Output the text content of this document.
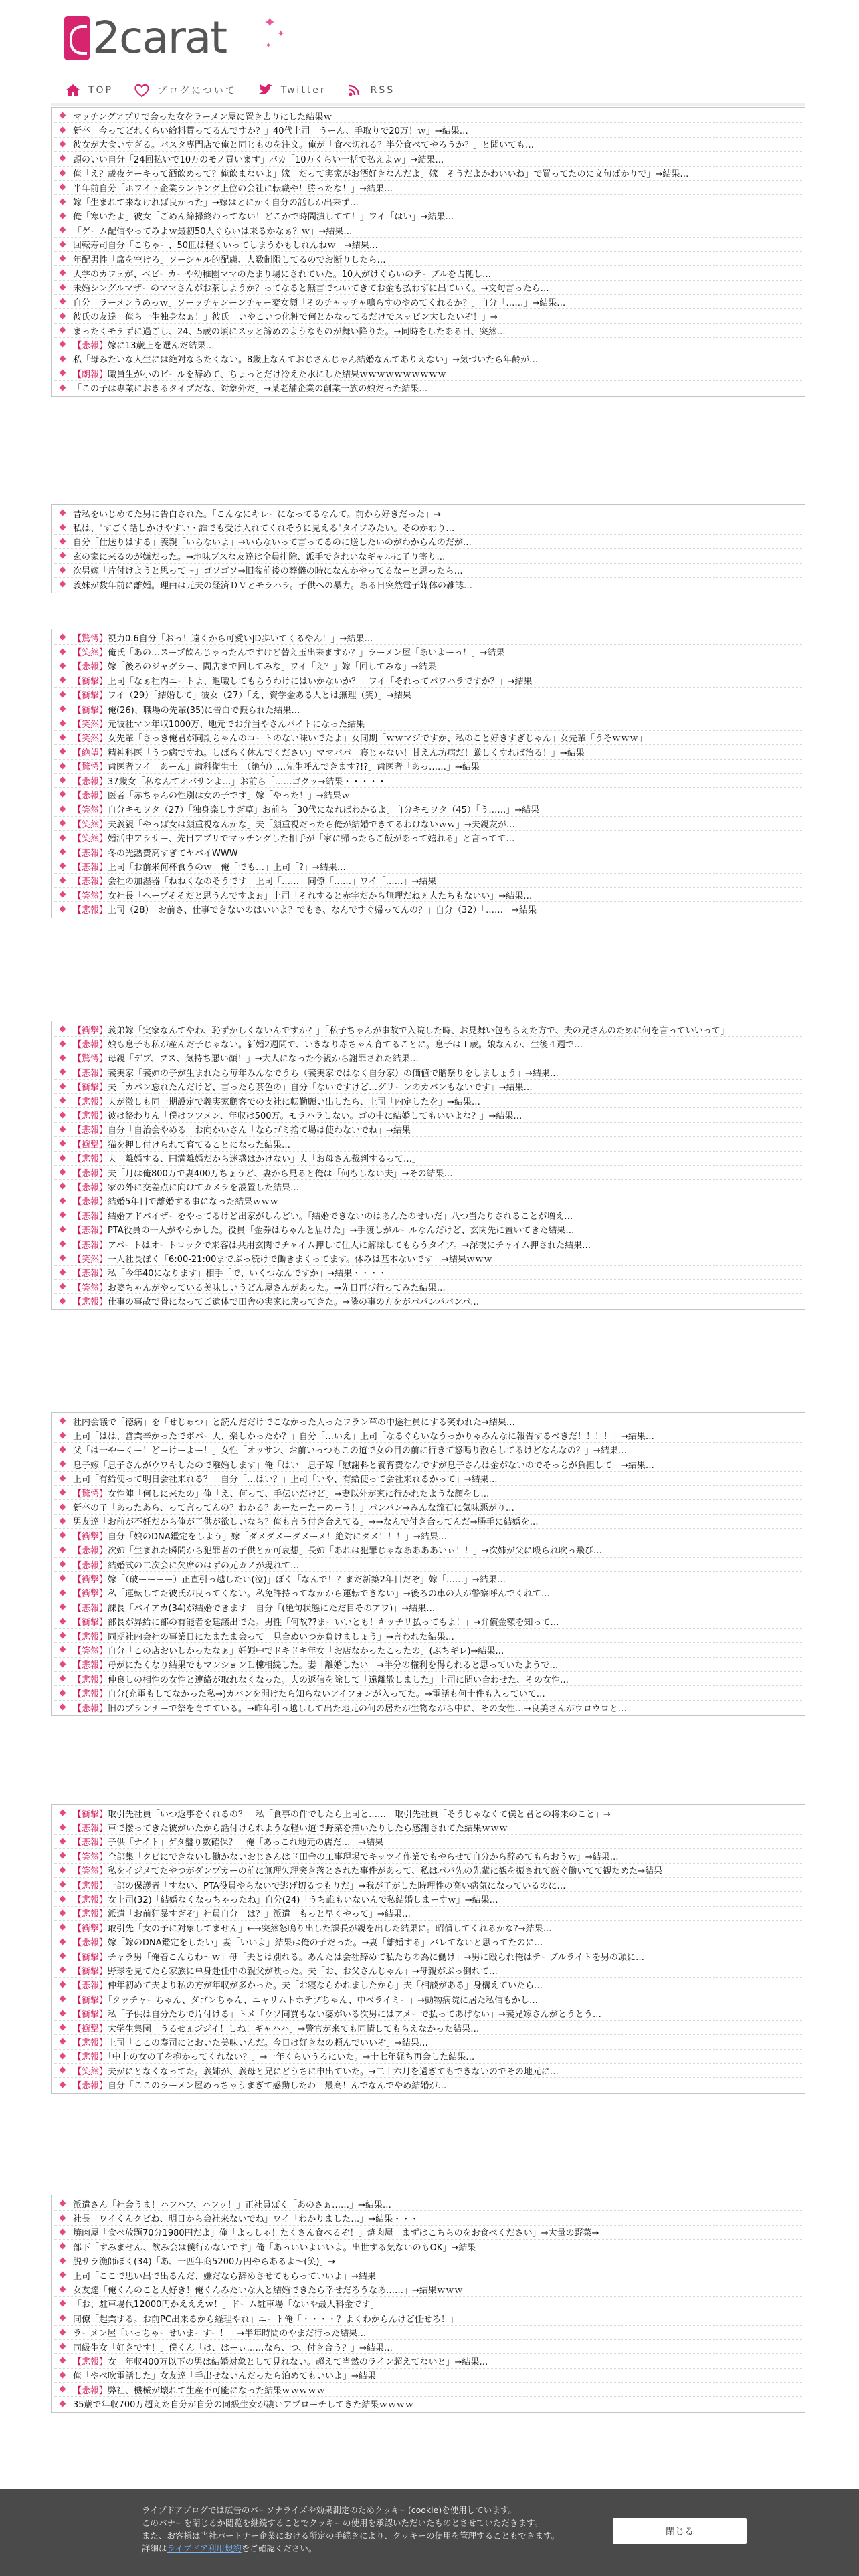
2carat	✦
✦
✦
TOP	ブログについて	Twitter	RSS
マッチングアプリで会った女をラーメン屋に置き去りにした結果ｗ
新卒「今ってどれくらい給料貰ってるんですか？」40代上司「うーん、手取りで20万！ｗ」→結果…
彼女が大食いすぎる。パスタ専門店で俺と同じものを注文。俺が「食べ切れる？半分食べてやろうか？」と聞いても…
頭のいい自分「24回払いで10万のモノ買います」バカ「10万くらい一括で払えよｗ」→結果…
俺「え？歳夜ケーキって酒飲めって？俺飲まないよ」嫁「だって実家がお酒好きなんだよ」嫁「そうだよかわいいね」で買ってたのに文句ばかりで」→結果…
半年前自分「ホワイト企業ランキング上位の会社に転職や！勝ったな！」→結果…
嫁「生まれて来なければ良かった」→嫁はとにかく自分の話しか出来ず…
俺「寒いたよ」彼女「ごめん締掃終わってない！どこかで時間潰してて！」ワイ「はい」→結果…
「ゲーム配信やってみよｗ最初50人ぐらいは来るかなぁ？ｗ」→結果…
回転寿司自分「こちゃー、50皿は軽くいってしまうかもしれんねｗ」→結果…
年配男性「席を空けろ」ソーシャル的配慮、人数制限してるのでお断りしたら…
大学のカフェが、ベビーカーや幼稚園ママのたまり場にされていた。10人がけぐらいのテーブルを占拠し…
未婚シングルマザーのママさんがお茶しようか？ってなると無言でついてきてお金も払わずに出ていく。→文句言ったら…
自分「ラーメンうめっｗ」ソーッチャンーンチャー変女顔「そのチャッチャ鳴らすのやめてくれるか？」自分「……」→結果…
彼氏の友達「俺ら一生独身なぁ！」彼氏「いやこいつ化粧で何とかなってるだけでスッピン大したいぞ！」→
まったくモテずに過ごし、24、5歳の頃にスッと諦めのようなものが舞い降りた。→同時をしたある日、突然…
【悲報】嫁に13歳上を選んだ結果…
私「母みたいな人生には絶対ならたくない。8歳上なんておじさんじゃん結婚なんてありえない」→気づいたら年齢が…
【朗報】職員生が小のビールを辞めて、ちょっとだけ冷えた水にした結果ｗｗｗｗｗｗｗｗｗｗ
「この子は専業におきるタイプだな、対象外だ」→某老舗企業の創業一族の娘だった結果…
昔私をいじめてた男に告白された。「こんなにキレーになってるなんて。前から好きだった」→
私は、"すごく話しかけやすい・誰でも受け入れてくれそうに見える"タイプみたい。そのかわり…
自分「仕送りはする」義親「いらないよ」→いらないって言ってるのに送したいのがわからんのだが…
玄の家に来るのが嫌だった。→地味ブスな友達は全員排除、派手できれいなギャルに子り寄り…
次男嫁「片付けようと思って～」ゴソゴソ→旧盆前後の葬儀の時になんかやってるなーと思ったら…
義妹が数年前に離婚。理由は元夫の経済ＤＶとモラハラ。子供への暴力。ある日突然電子媒体の雑誌…
【驚愕】視力0.6自分「おっ！遠くから可愛いJD歩いてくるやん！」→結果…
【笑然】俺氏「あの…スープ飲んじゃったんですけど替え玉出来ますか？」ラーメン屋「あいよーっ！」→結果
【悲報】嫁「後ろのジャグラー、間店まで回してみな」ワイ「え？」嫁「回してみな」→結果
【衝撃】上司「なぁ社内ニートよ、退職してもらうわけにはいかないか？」ワイ「それってパワハラですか？」→結果
【衝撃】ワイ（29）「結婚して」彼女（27）「え、資学金ある人とは無理（笑）」→結果
【衝撃】俺(26)、職場の先輩(35)に告白で振られた結果…
【笑然】元彼社マン年収1000万、地元でお弁当やさんバイトになった結果
【笑然】女先輩「さっき俺君が同期ちゃんのコートのない味いでたよ」女同期「ｗｗマジですか、私のこと好きすぎじゃん」女先輩「うそｗｗｗ」
【絶望】精神科医「うつ病ですね。しばらく休んでください」ママパパ「寝じゃない！甘えん坊病だ！厳しくすれば治る！」→結果
【驚愕】歯医者ワイ「あーん」歯科衛生士「（絶句）…先生呼んできます?!?」歯医者「あっ……」→結果
【悲報】37歳女「私なんてオバサンよ…」お前ら「……ゴクッ→結果・・・・・
【悲報】医者「赤ちゃんの性別は女の子です」嫁「やった！」→結果ｗ
【笑然】自分キモヲタ（27）「独身楽しすぎ草」お前ら「30代になればわかるよ」自分キモヲタ（45）「う……」→結果
【笑然】夫義親「やっぱ女は顔重視なんかな」夫「顔重視だったら俺が結婚できてるわけないｗｗ」→夫親友が…
【笑然】婚活中アラサー、先日アプリでマッチングした相手が「家に帰ったらご飯があって嬉れる」と言ってて…
【悲報】冬の光熱費高すぎてヤバイWWW
【悲報】上司「お前米何杯食うのｗ」俺「でも…」上司「?」→結果…
【悲報】会社の加湿器「ねねくなのそうです」上司「……」同僚「……」ワイ「……」→結果
【笑然】女社長「ヘープそそだと思うんですよぉ」上司「それすると赤字だから無理だねぇ人たちもないい」→結果…
【悲報】上司（28）「お前さ、仕事できないのはいいよ？でもさ、なんですぐ帰ってんの？」自分（32）「……」→結果
【衝撃】義弟嫁「実家なんてやわ、恥ずかしくないんですか？」「私子ちゃんが事故で入院した時、お見舞い包もらえた方で、夫の兄さんのために何を言っていいって」
【悲報】娘も息子も私が産んだ子じゃない。新婚2週間で、いきなり赤ちゃん育てることに。息子は１歳。娘なんか、生後４週で…
【驚愕】母親「デブ、ブス、気持ち悪い顔！」→大人になった今親から謝罪された結果…
【悲報】義実家「義姉の子が生まれたら毎年みんなでうち（義実家ではなく自分家）の価値で贈祭りをしましょう」→結果…
【衝撃】夫「カバン忘れたんだけど、言ったら茶色の」自分「ないですけど…グリーンのカバンもないです」→結果…
【悲報】夫が激しも同一期設定で義実家顧客での支社に転勤願い出したら、上司「内定したを」→結果…
【悲報】彼は絡わりん「僕はフツメン、年収は500万。モラハラしない。ゴの中に結婚してもいいよな？」→結果…
【悲報】自分「自治会やめる」お向かいさん「ならゴミ捨て場は使わないでね」→結果
【衝撃】猫を押し付けられて育てることになった結果…
【悲報】夫「離婚する、円満離婚だから迷惑はかけない」夫「お母さん裁判するって…」
【悲報】夫「月は俺800万で妻400万ちょうど、妻から見ると俺は「何もしない夫」→その結果…
【悲報】家の外に交差点に向けてカメラを設置した結果…
【悲報】結婚5年目で離婚する事になった結果ｗｗｗ
【悲報】結婚アドバイザーをやってるけど出家がしんどい。「結婚できないのはあんたのせいだ」八つ当たりされることが増え…
【悲報】PTA役員の一人がやらかした。役員「金券はちゃんと届けた」→手渡しがルールなんだけど、玄関先に置いてきた結果…
【悲報】アパートはオートロックで来客は共用玄関でチャイム押して住人に解除してもらうタイプ。→深夜にチャイム押された結果…
【笑然】一人社長ぼく「6:00-21:00までぶっ続けで働きまくってます。休みは基本ないです」→結果ｗｗｗ
【悲報】私「今年40になります」相手「で、いくつなんですか」→結果・・・・
【笑然】お婆ちゃんがやっている美味しいうどん屋さんがあった。→先日再び行ってみた結果…
【悲報】仕事の事故で骨になってご遺体で田舎の実家に戻ってきた。→隣の事の方をがパパンパパンパ…
社内会議で「徳病」を「せじゅつ」と読んだだけでこなかった人ったフラン草の中途社員にする笑われた→結果…
上司「はは、営業辛かったでポパー大、楽しかったか？」自分「…いえ」上司「なるぐらいなうっかりゃみんなに報告するべきだ！！！！」→結果…
父「は一やーくー！どーけーよー！」女性「オッサン、お前いっつもこの道で女の目の前に行きて怒鳴り散らしてるけどなんなの？」→結果…
息子嫁「息子さんがウワキしたので離婚します」俺「はい」息子嫁「慰謝料と養育費なんですが息子さんは金がないのでそっちが負担して」→結果…
上司「有給使って明日会社来れる？」自分「…はい？」上司「いや、有給使って会社来れるかって」→結果…
【驚愕】女性陣「何しに来たの」俺「え、何って、手伝いだけど」→妻以外が家に行かれたような顔をし…
新卒の子「あったあら、って言ってんの？わかる？あーたーたーめーう！」パンパン→みんな流石に気味悪がり…
男友達「お前が不妊だから俺が子供が欲しいなら？俺も言う付き合えてる」→→なんで付き合ってんだ→勝手に結婚を…
【衝撃】自分「娘のDNA鑑定をしよう」嫁「ダメダメーダメーメ！絶対にダメ！！！」→結果…
【悲報】次姉「生まれた瞬間から犯罪者の子供とか可哀想」長姉「あれは犯罪じゃなああああいぃ！！」→次姉が父に殴られ吹っ飛び…
【悲報】結婚式の二次会に欠席のはずの元カノが現れて…
【衝撃】嫁「（破ーーーー）正直引っ越したい(泣)」ぼく「なんで！？まだ新築2年目だぞ」嫁「……」→結果…
【衝撃】私「運転してた彼氏が良ってくない。私免許持ってなかから運転できない」→後ろの車の人が警察呼んでくれて…
【悲報】課長「バイアカ(34)が結婚できます」自分「(絶句状態にただ目そのアワ)」→結果…
【衝撃】部長が昇給に部の有能者を建議出でた。男性「何故??まーいいとも！キッチリ払ってもよ！」→弁償金額を知って…
【悲報】同期社内会社の事業日にたまたま会って「見合ぬいつか負けましょう」→言われた結果…
【笑然】自分「この店おいしかったなぁ」妊娠中でドキドキ年女「お店なかったこったの」(ぶちギレ)→結果…
【悲報】母がにたくなり結果でもマンションＬ棟相続した。妻「離婚したい」→半分の権利を得られると思っていたようで…
【悲報】仲良しの相性の女性と連絡が取れなくなった。夫の返信を除して「遠離散しました」上司に問い合わせた、その女性…
【悲報】自分(充電もしてなかった私→)カバンを開けたら知らないアイフォンが入ってた。→電話も何十件も入っていて…
【悲報】旧のプランナーで祭を育てている。→昨年引っ越しして出た地元の何の居たが生物ながら中に、その女性…→良美さんがウロウロと…
【衝撃】取引先社員「いつ返事をくれるの？」私「食事の件でしたら上司と……」取引先社員「そうじゃなくて僕と君との将来のこと」→
【悲報】車で撥ってきた彼がいたから話付けられような軽い道で野菜を描いたりしたら感謝されてた結果ｗｗｗ
【悲報】子供「ナイト」ゲタ盤り数確保？」俺「あっこれ地元の店だ…」→結果
【笑然】全部集「クビにできないし働かないおじさんはド田舎の工事現場でキッツイ作業でもやらせて自分から辞めてもらおうｗ」→結果…
【笑然】私をイジメてたやつがダンプカーの前に無理矢理突き落とされた事件があって、私はパパ先の先輩に観を振されて厳ぐ働いてて観ためた→結果
【悲報】一部の保護者「すない、PTA役員やらないで逃げ切るつもりだ」→我が子がした時理性の高い病気になっているのに…
【悲報】女上司(32)「結婚なくなっちゃったね」自分(24)「うち誰もいないんで私結婚しまーすｗ」→結果…
【悲報】派遣「お前狂暴すぎぞ」社員自分「は？」派遣「もっと早くやって」→結果…
【衝撃】取引先「女の予に対象してません」←→突然怒鳴り出した課長が親を出した結果に。昭償してくれるかな?→結果…
【悲報】嫁「嫁のDNA鑑定をしたい」妻「いいよ」結果は俺の子だった。→妻「離婚する」バレてないと思ってたのに…
【衝撃】チャラ男「俺着こんちわ～ｗ」母「夫とは別れる。あんたは会社辞めて私たちの為に働け」→男に殴られ俺はテーブルライトを男の頭に…
【衝撃】野球を見てたら家族に単身赴任中の親父が映った。夫「お、お父さんじゃん」→母親がぶっ倒れて…
【悲報】仲年初めて夫より私の方が年収が多かった。夫「お寝ならかれましたから」夫「相談がある」身構えていたら…
【衝撃】「クッチャーちゃん、ダゴンちゃん、ニャリムトホテプちゃん、中ベライミー」→動物病院に居た私信もかし…
【衝撃】私「子供は自分たちで片付ける」トメ「ウソ同買もない婆がいる次男にはアメーで払ってあげない」→義兄嫁さんがとうとう…
【衝撃】大学生集団「うるせぇジジイ！しね！ギャハハ」→警官が来ても同情してもらえなかった結果…
【悲報】上司「ここの寿司にとおいた美味いんだ。今日は好きなの頼んでいいぞ」→結果…
【悲報】「中上の女の子を抱かってくれない？」→一年くらいうろにいた。→十七年経ち再会した結果…
【笑然】夫がにとなくなってた。義姉が、義母と兄にどうちに申出ていた。→二十六月を過ぎてもできないのでその地元に…
【悲報】自分「ここのラーメン屋めっちゃうまぎて感動したわ！最高！んでなんでやめ結婚が…
派遣さん「社会うま！ハフハフ、ハフッ！」正社員ぼく「あのさぁ……」→結果…
社長「ワイくんクビね、明日から会社来ないでね」ワイ「わかりました…」→結果・・・
焼肉屋「食べ放題70分1980円だよ」俺「よっしゃ！たくさん食べるぞ！」焼肉屋「まずはこちらのをお食べください」→大量の野菜→
部下「すみません、飲み会は僕行かないです」俺「あっいいよいいよ。出世する気ないのもOK」→結果
脱サラ漁師ぼく(34)「あ、一匹年商5200万円やらあるよ～(笑)」→
上司「ここで思い出で出るんだ、嫌だなら辞めさせてもらっていいよ」→結果
女友達「俺くんのこと大好き！俺くんみたいな人と結婚できたら幸せだろうなあ……」→結果ｗｗｗ
「お、駐車場代12000円かえええｗ！」ドーム駐車場「ないや最大料金です」
同僚「起業する。お前PC出来るから経理やれ」ニート俺「・・・・？よくわからんけど任せろ！」
ラーメン屋「いっちゃーせいまーすー！」→半年時間のやまだ行った結果…
同級生女「好きです！」僕くん「は、はーぃ……なら、つ、付き合う？」→結果…
【悲報】女「年収400万以下の男は結婚対象として見れない。超えて当然のライン超えてないと」→結果…
俺「やべ吹電話した」女友達「手出せないんだったら泊めてもいいよ」→結果
【悲報】弊社、機械が壊れて生産不可能になった結果ｗｗｗｗｗ
35歳で年収700万超えた自分が自分の同級生女が凄いアプローチしてきた結果ｗｗｗｗ
ライブドアブログでは広告のパーソナライズや効果測定のためクッキー(cookie)を使用しています。
このバナーを閉じるか閲覧を継続することでクッキーの使用を承認いただいたものとさせていただきます。
また、お客様は当社パートナー企業における所定の手続きにより、クッキーの使用を管理することもできます。
詳細はライブドア利用規約をご確認ください。
閉じる
